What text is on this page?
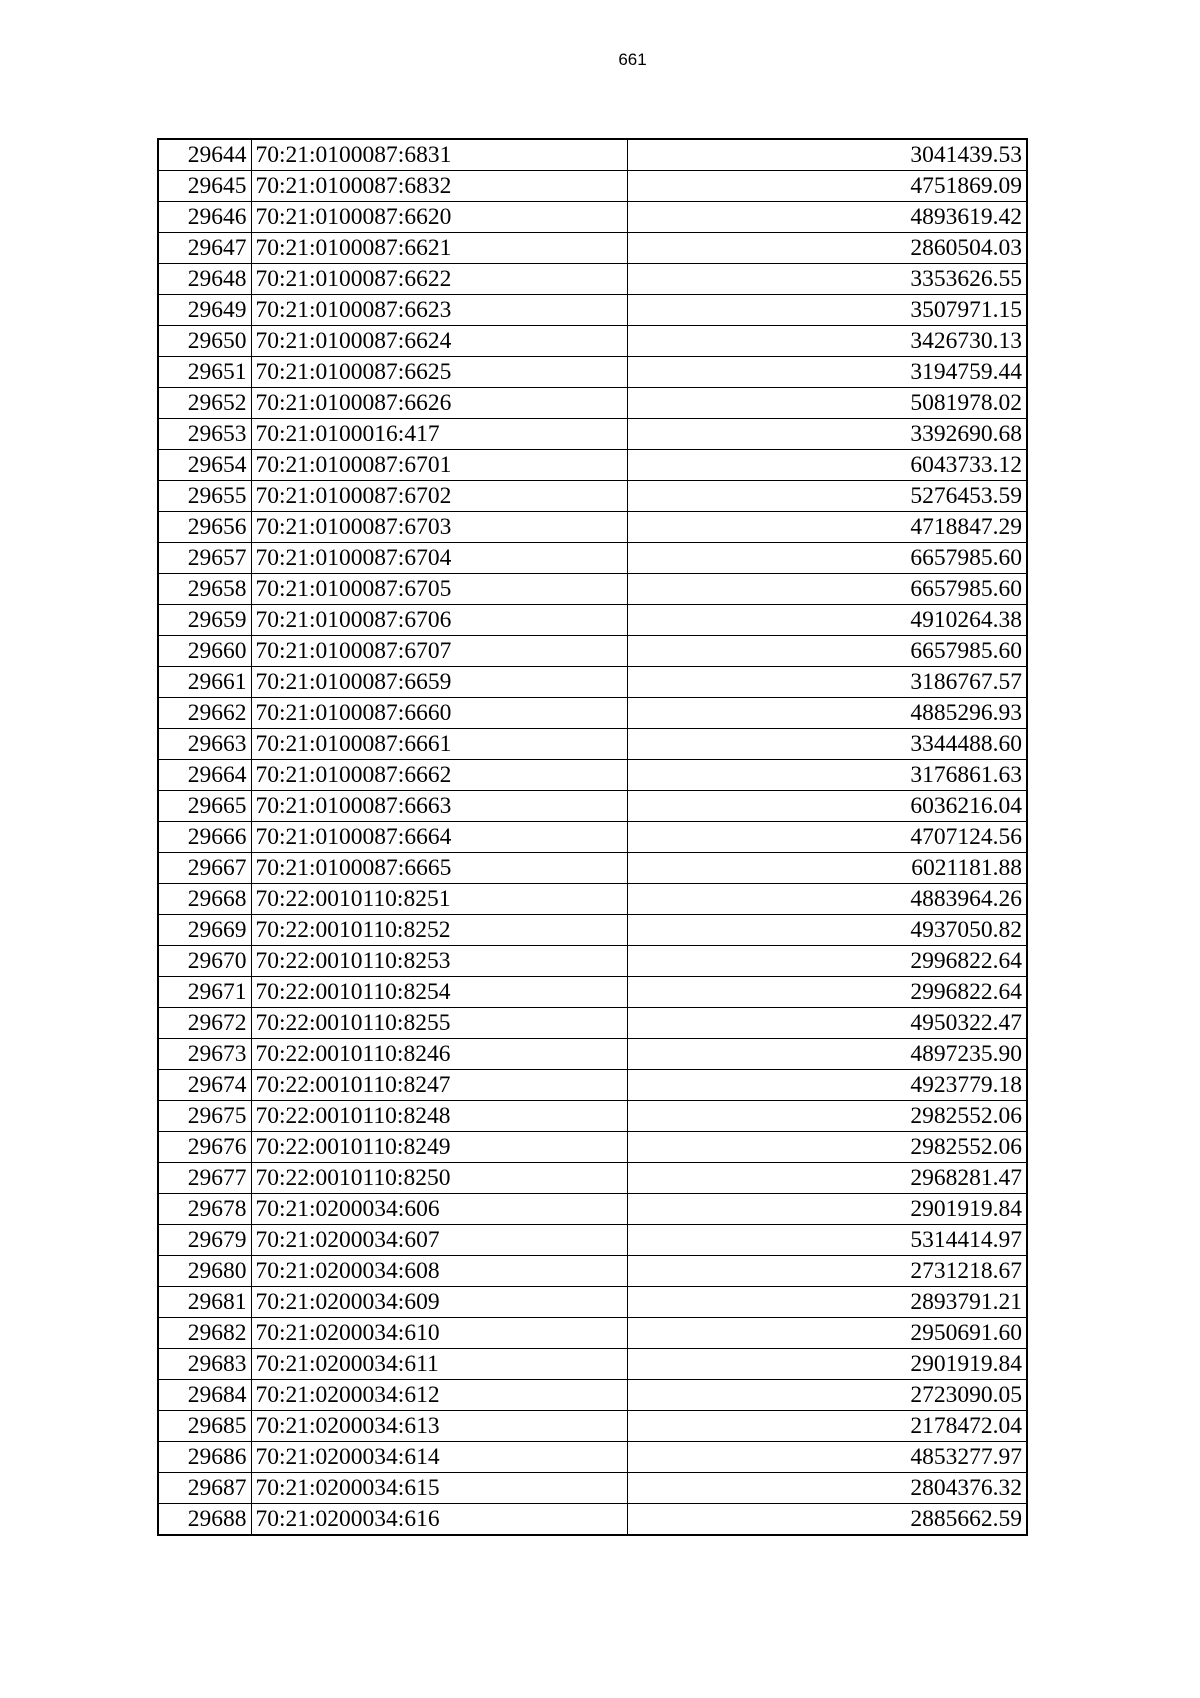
661
29644	70:21:0100087:6831	3041439.53
29645	70:21:0100087:6832	4751869.09
29646	70:21:0100087:6620	4893619.42
29647	70:21:0100087:6621	2860504.03
29648	70:21:0100087:6622	3353626.55
29649	70:21:0100087:6623	3507971.15
29650	70:21:0100087:6624	3426730.13
29651	70:21:0100087:6625	3194759.44
29652	70:21:0100087:6626	5081978.02
29653	70:21:0100016:417	3392690.68
29654	70:21:0100087:6701	6043733.12
29655	70:21:0100087:6702	5276453.59
29656	70:21:0100087:6703	4718847.29
29657	70:21:0100087:6704	6657985.60
29658	70:21:0100087:6705	6657985.60
29659	70:21:0100087:6706	4910264.38
29660	70:21:0100087:6707	6657985.60
29661	70:21:0100087:6659	3186767.57
29662	70:21:0100087:6660	4885296.93
29663	70:21:0100087:6661	3344488.60
29664	70:21:0100087:6662	3176861.63
29665	70:21:0100087:6663	6036216.04
29666	70:21:0100087:6664	4707124.56
29667	70:21:0100087:6665	6021181.88
29668	70:22:0010110:8251	4883964.26
29669	70:22:0010110:8252	4937050.82
29670	70:22:0010110:8253	2996822.64
29671	70:22:0010110:8254	2996822.64
29672	70:22:0010110:8255	4950322.47
29673	70:22:0010110:8246	4897235.90
29674	70:22:0010110:8247	4923779.18
29675	70:22:0010110:8248	2982552.06
29676	70:22:0010110:8249	2982552.06
29677	70:22:0010110:8250	2968281.47
29678	70:21:0200034:606	2901919.84
29679	70:21:0200034:607	5314414.97
29680	70:21:0200034:608	2731218.67
29681	70:21:0200034:609	2893791.21
29682	70:21:0200034:610	2950691.60
29683	70:21:0200034:611	2901919.84
29684	70:21:0200034:612	2723090.05
29685	70:21:0200034:613	2178472.04
29686	70:21:0200034:614	4853277.97
29687	70:21:0200034:615	2804376.32
29688	70:21:0200034:616	2885662.59
